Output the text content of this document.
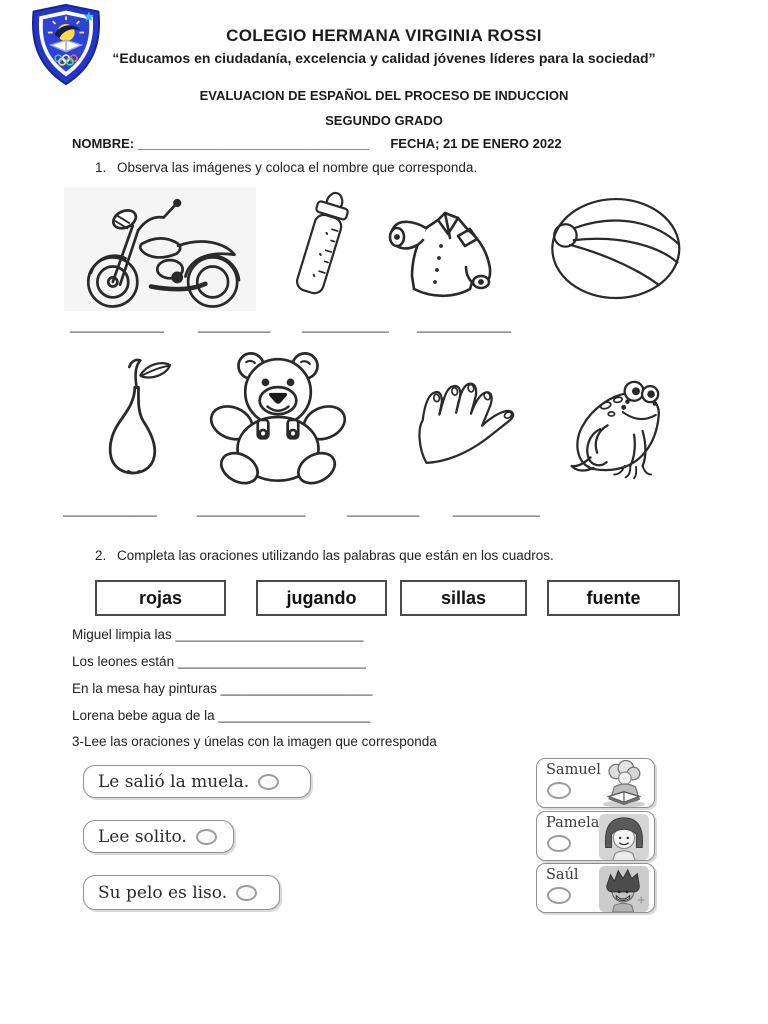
COLEGIO HERMANA VIRGINIA ROSSI
“Educamos en ciudadanía, excelencia y calidad jóvenes líderes para la sociedad”
EVALUACION DE ESPAÑOL DEL PROCESO DE INDUCCION
SEGUNDO GRADO
NOMBRE: ________________________________ FECHA; 21 DE ENERO 2022
1. Observa las imágenes y coloca el nombre que corresponda.
_____________	__________ ____________ _____________
_____________	_______________	__________	____________
2. Completa las oraciones utilizando las palabras que están en los cuadros.
rojas	jugando	sillas	fuente
Miguel limpia las __________________________
Los leones están __________________________
En la mesa hay pinturas _____________________
Lorena bebe agua de la _____________________
3-Lee las oraciones y únelas con la imagen que corresponda
Le salió la muela.
Lee solito.
Su pelo es liso.
Samuel
Pamela
Saúl
